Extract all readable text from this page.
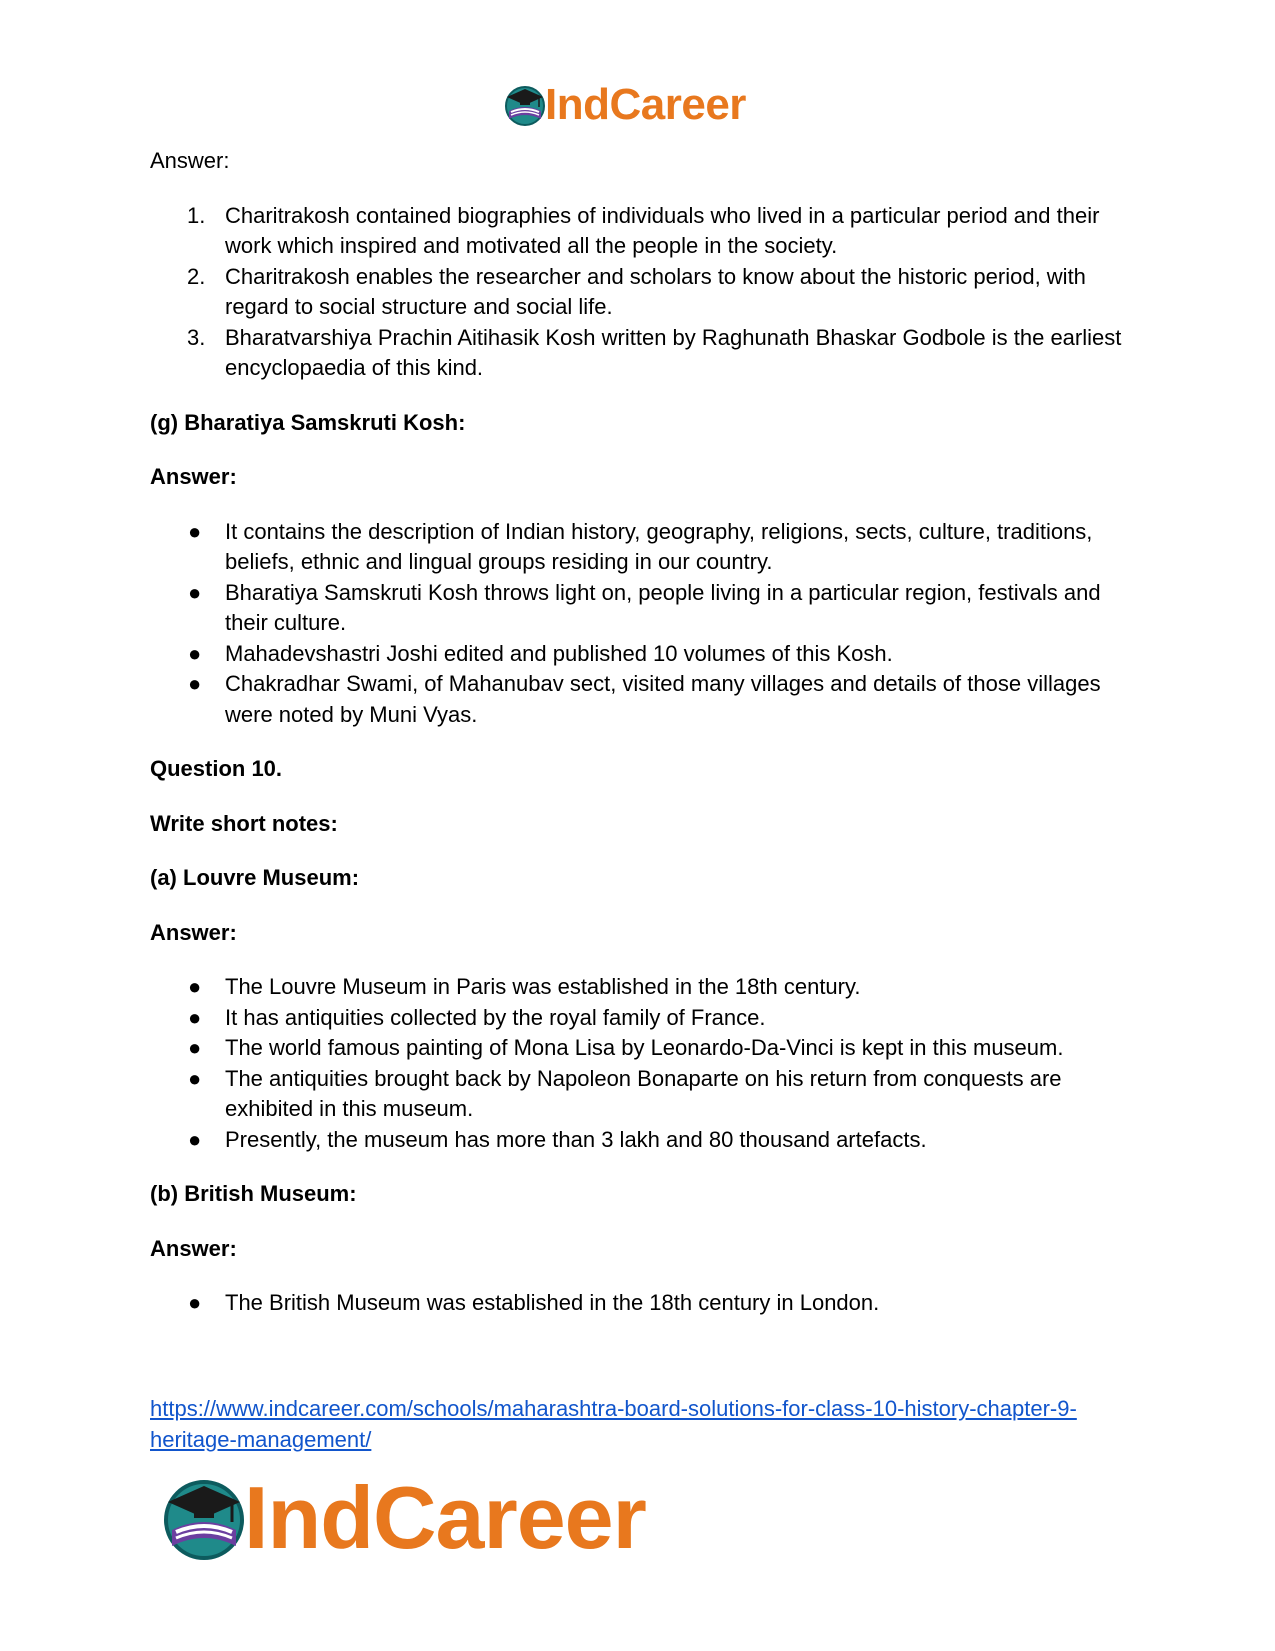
IndCareer

Answer:

1. Charitrakosh contained biographies of individuals who lived in a particular period and their work which inspired and motivated all the people in the society.
2. Charitrakosh enables the researcher and scholars to know about the historic period, with regard to social structure and social life.
3. Bharatvarshiya Prachin Aitihasik Kosh written by Raghunath Bhaskar Godbole is the earliest encyclopaedia of this kind.

(g) Bharatiya Samskruti Kosh:

Answer:

● It contains the description of Indian history, geography, religions, sects, culture, traditions, beliefs, ethnic and lingual groups residing in our country.
● Bharatiya Samskruti Kosh throws light on, people living in a particular region, festivals and their culture.
● Mahadevshastri Joshi edited and published 10 volumes of this Kosh.
● Chakradhar Swami, of Mahanubav sect, visited many villages and details of those villages were noted by Muni Vyas.

Question 10.

Write short notes:

(a) Louvre Museum:

Answer:

● The Louvre Museum in Paris was established in the 18th century.
● It has antiquities collected by the royal family of France.
● The world famous painting of Mona Lisa by Leonardo-Da-Vinci is kept in this museum.
● The antiquities brought back by Napoleon Bonaparte on his return from conquests are exhibited in this museum.
● Presently, the museum has more than 3 lakh and 80 thousand artefacts.

(b) British Museum:

Answer:

● The British Museum was established in the 18th century in London.
https://www.indcareer.com/schools/maharashtra-board-solutions-for-class-10-history-chapter-9-heritage-management/
IndCareer
